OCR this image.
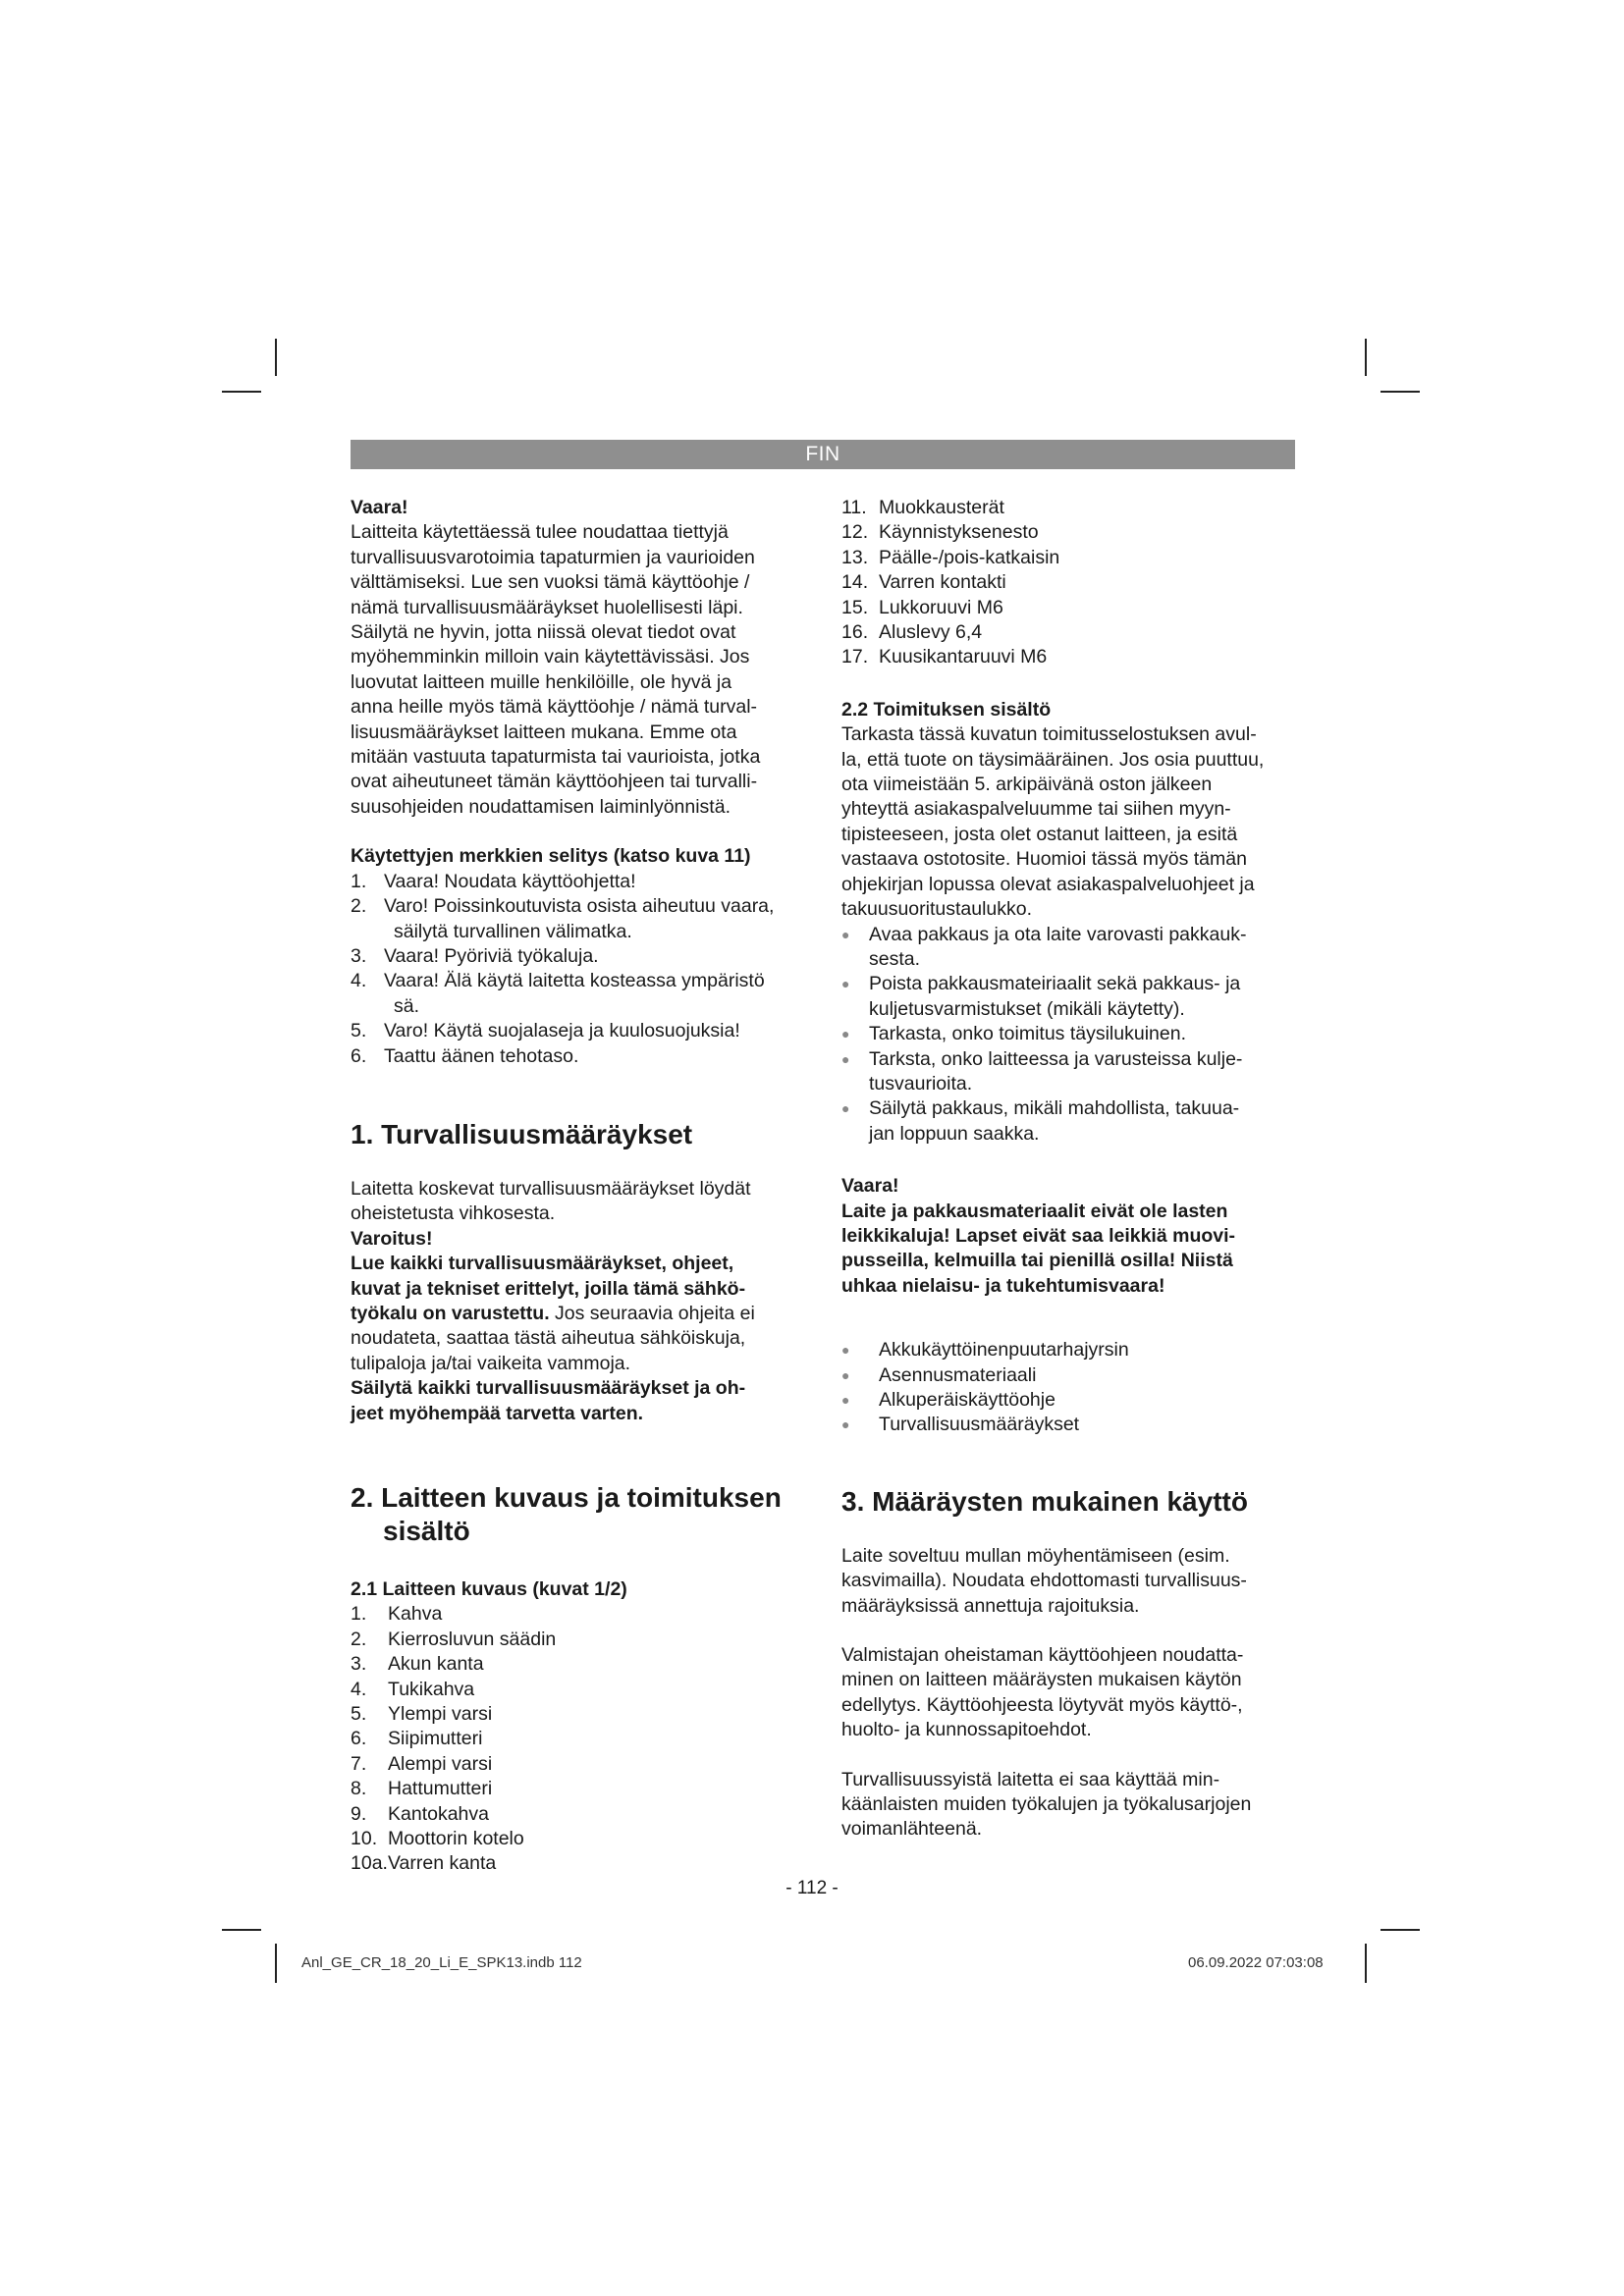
FIN

Vaara!

Laitteita käytettäessä tulee noudattaa tiettyjä

turvallisuusvarotoimia tapaturmien ja vaurioiden

välttämiseksi. Lue sen vuoksi tämä käyttöohje /

nämä turvallisuusmääräykset huolellisesti läpi.

Säilytä ne hyvin, jotta niissä olevat tiedot ovat

myöhemminkin milloin vain käytettävissäsi. Jos

luovutat laitteen muille henkilöille, ole hyvä ja

anna heille myös tämä käyttöohje / nämä turval-

lisuusmääräykset laitteen mukana. Emme ota

mitään vastuuta tapaturmista tai vaurioista, jotka

ovat aiheutuneet tämän käyttöohjeen tai turvalli-

suusohjeiden noudattamisen laiminlyönnistä.

Käytettyjen merkkien selitys (katso kuva 11)
1. Vaara! Noudata käyttöohjetta!
2. Varo! Poissinkoutuvista osista aiheutuu vaara,
säilytä turvallinen välimatka.
3. Vaara! Pyöriviä työkaluja.
4. Vaara! Älä käytä laitetta kosteassa ympäristö
sä.
5. Varo! Käytä suojalaseja ja kuulosuojuksia!
6. Taattu äänen tehotaso.
1. Turvallisuusmääräykset

Laitetta koskevat turvallisuusmääräykset löydät

oheistetusta vihkosesta.

Varoitus!

Lue kaikki turvallisuusmääräykset, ohjeet,

kuvat ja tekniset erittelyt, joilla tämä sähkö-

työkalu on varustettu. Jos seuraavia ohjeita ei

noudateta, saattaa tästä aiheutua sähköiskuja,

tulipaloja ja/tai vaikeita vammoja.

Säilytä kaikki turvallisuusmääräykset ja oh-

jeet myöhempää tarvetta varten.

2. Laitteen kuvaus ja toimituksen
sisältö
2.1 Laitteen kuvaus (kuvat 1/2)
1.	Kahva
2.	Kierrosluvun säädin
3.	Akun kanta
4.	Tukikahva
5.	Ylempi varsi
6.	Siipimutteri
7.	Alempi varsi
8.	Hattumutteri
9.	Kantokahva
10. Moottorin kotelo
10a. Varren kanta
11. Muokkausterät
12. Käynnistyksenesto
13. Päälle-/pois-katkaisin
14. Varren kontakti
15. Lukkoruuvi M6
16. Aluslevy 6,4
17. Kuusikantaruuvi M6
2.2 Toimituksen sisältö

Tarkasta tässä kuvatun toimitusselostuksen avul-

la, että tuote on täysimääräinen. Jos osia puuttuu,

ota viimeistään 5. arkipäivänä oston jälkeen

yhteyttä asiakaspalveluumme tai siihen myyn-

tipisteeseen, josta olet ostanut laitteen, ja esitä

vastaava ostotosite. Huomioi tässä myös tämän

ohjekirjan lopussa olevat asiakaspalveluohjeet ja

takuusuoritustaulukko.

●	Avaa pakkaus ja ota laite varovasti pakkauk-
sesta.
●	Poista pakkausmateiriaalit sekä pakkaus- ja
kuljetusvarmistukset (mikäli käytetty).
●	Tarkasta, onko toimitus täysilukuinen.
●	Tarksta, onko laitteessa ja varusteissa kulje-
tusvaurioita.
●	Säilytä pakkaus, mikäli mahdollista, takuua-
jan loppuun saakka.

Vaara!

Laite ja pakkausmateriaalit eivät ole lasten

leikkikaluja! Lapset eivät saa leikkiä muovi-

pusseilla, kelmuilla tai pienillä osilla! Niistä

uhkaa nielaisu- ja tukehtumisvaara!

●	Akkukäyttöinenpuutarhajyrsin
●	Asennusmateriaali
●	Alkuperäiskäyttöohje
●	Turvallisuusmääräykset
3. Määräysten mukainen käyttö

Laite soveltuu mullan möyhentämiseen (esim.

kasvimailla). Noudata ehdottomasti turvallisuus-

määräyksissä annettuja rajoituksia.

Valmistajan oheistaman käyttöohjeen noudatta-

minen on laitteen määräysten mukaisen käytön

edellytys. Käyttöohjeesta löytyvät myös käyttö-,

huolto- ja kunnossapitoehdot.

Turvallisuussyistä laitetta ei saa käyttää min-

käänlaisten muiden työkalujen ja työkalusarjojen

voimanlähteenä.

- 112 -
Anl_GE_CR_18_20_Li_E_SPK13.indb 112	06.09.2022 07:03:08
